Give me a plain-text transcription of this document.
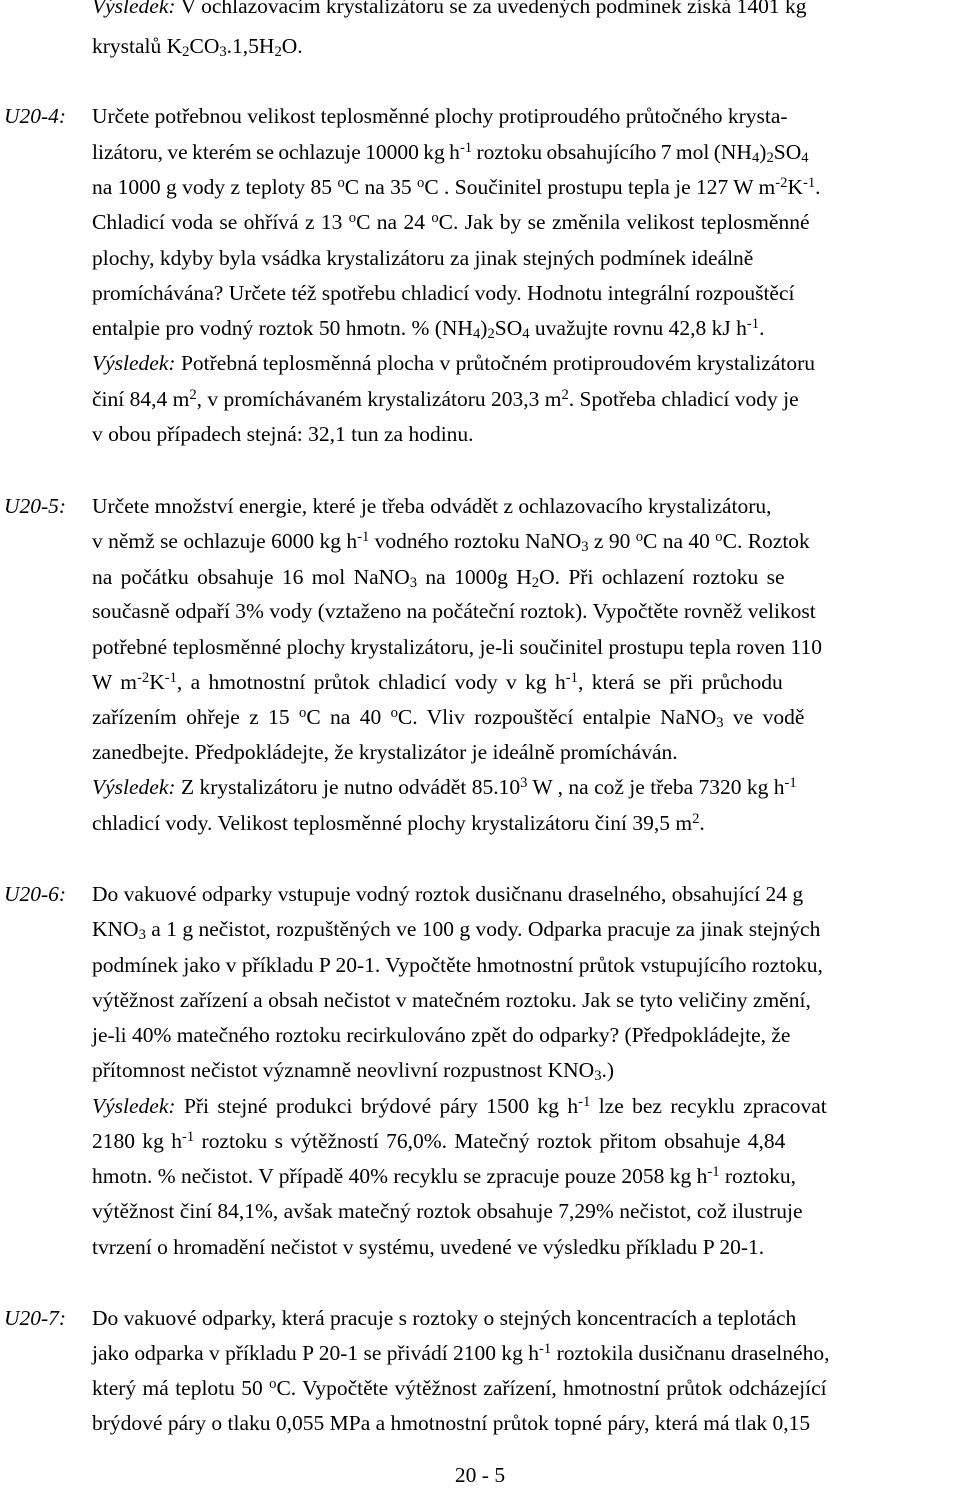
Výsledek: V ochlazovacím krystalizátoru se za uvedených podmínek získá 1401 kg
krystalů $K_2CO_3.1,5H_2O$.
U20-4: Určete potřebnou velikost teplosměnné plochy protiproudého průtočného krysta-
lizátoru, ve kterém se ochlazuje 10000 kg $h^{-1}$ roztoku obsahujícího 7 mol $(NH_4)_2SO_4$
na 1000 g vody z teploty 85 $^o$C na 35 $^o$C . Součinitel prostupu tepla je 127 W $m^{-2}K^{-1}$.
Chladicí voda se ohřívá z 13 $^o$C na 24 $^o$C. Jak by se změnila velikost teplosměnné
plochy, kdyby byla vsádka krystalizátoru za jinak stejných podmínek ideálně
promíchávána? Určete též spotřebu chladicí vody. Hodnotu integrální rozpouštěcí
entalpie pro vodný roztok 50 hmotn. % $(NH_4)_2SO_4$ uvažujte rovnu 42,8 kJ $h^{-1}$.
Výsledek: Potřebná teplosměnná plocha v průtočném protiproudovém krystalizátoru
činí 84,4 $m^2$, v promíchávaném krystalizátoru 203,3 $m^2$. Spotřeba chladicí vody je
v obou případech stejná: 32,1 tun za hodinu.
U20-5: Určete množství energie, které je třeba odvádět z ochlazovacího krystalizátoru,
v němž se ochlazuje 6000 kg $h^{-1}$ vodného roztoku NaNO$_3$ z 90 $^o$C na 40 $^o$C. Roztok
na počátku obsahuje 16 mol NaNO$_3$ na 1000g $H_2O$. Při ochlazení roztoku se
současně odpaří 3% vody (vztaženo na počáteční roztok). Vypočtěte rovněž velikost
potřebné teplosměnné plochy krystalizátoru, je-li součinitel prostupu tepla roven 110
W $m^{-2}K^{-1}$, a hmotnostní průtok chladicí vody v kg $h^{-1}$, která se při průchodu
zařízením ohřeje z 15 $^o$C na 40 $^o$C. Vliv rozpouštěcí entalpie NaNO$_3$ ve vodě
zanedbejte. Předpokládejte, že krystalizátor je ideálně promícháván.
Výsledek: Z krystalizátoru je nutno odvádět 85.10$^3$ W , na což je třeba 7320 kg $h^{-1}$
chladicí vody. Velikost teplosměnné plochy krystalizátoru činí 39,5 $m^2$.
U20-6: Do vakuové odparky vstupuje vodný roztok dusičnanu draselného, obsahující 24 g
$KNO_3$ a 1 g nečistot, rozpuštěných ve 100 g vody. Odparka pracuje za jinak stejných
podmínek jako v příkladu P 20-1. Vypočtěte hmotnostní průtok vstupujícího roztoku,
výtěžnost zařízení a obsah nečistot v matečném roztoku. Jak se tyto veličiny změní,
je-li 40% matečného roztoku recirkulováno zpět do odparky? (Předpokládejte, že
přítomnost nečistot významně neovlivní rozpustnost $KNO_3$.)
Výsledek: Při stejné produkci brýdové páry 1500 kg $h^{-1}$ lze bez recyklu zpracovat
2180 kg $h^{-1}$ roztoku s výtěžností 76,0%. Matečný roztok přitom obsahuje 4,84
hmotn. % nečistot. V případě 40% recyklu se zpracuje pouze 2058 kg $h^{-1}$ roztoku,
výtěžnost činí 84,1%, avšak matečný roztok obsahuje 7,29% nečistot, což ilustruje
tvrzení o hromadění nečistot v systému, uvedené ve výsledku příkladu P 20-1.
U20-7: Do vakuové odparky, která pracuje s roztoky o stejných koncentracích a teplotách
jako odparka v příkladu P 20-1 se přivádí 2100 kg $h^{-1}$ roztokila dusičnanu draselného,
který má teplotu 50 $^o$C. Vypočtěte výtěžnost zařízení, hmotnostní průtok odcházející
brýdové páry o tlaku 0,055 MPa a hmotnostní průtok topné páry, která má tlak 0,15
20 - 5
